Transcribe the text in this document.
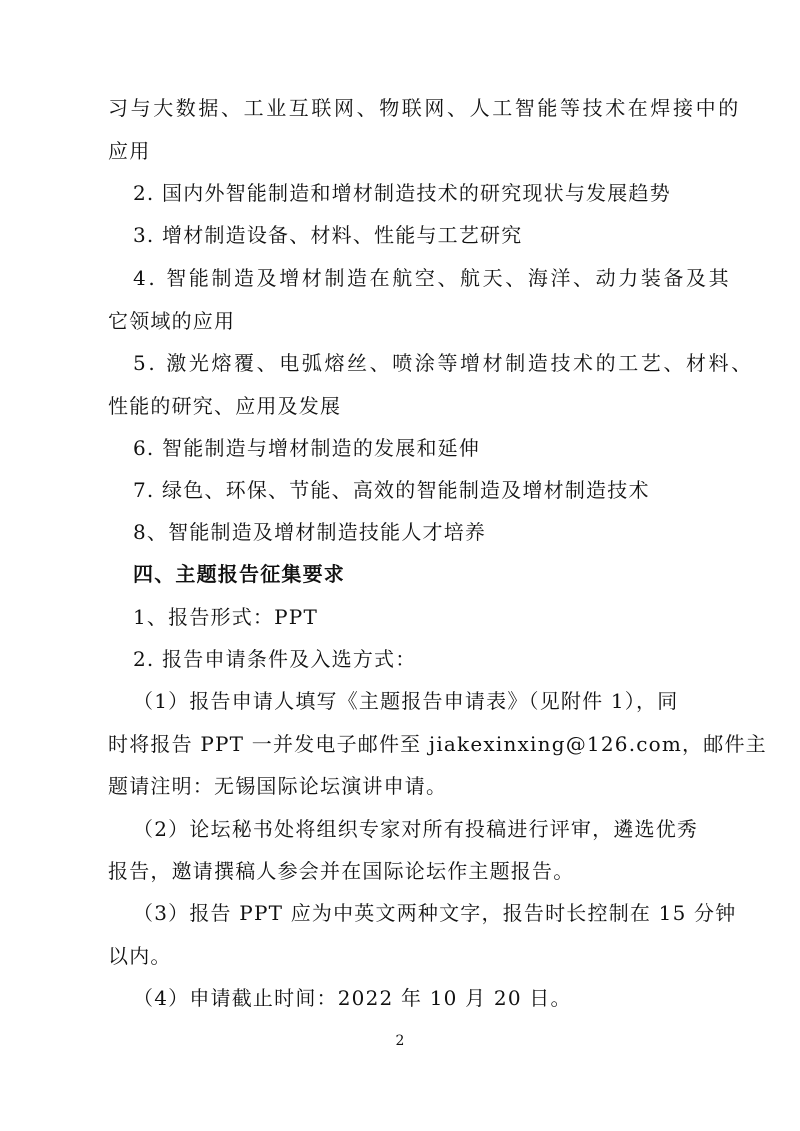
习与大数据、工业互联网、物联网、人工智能等技术在焊接中的
应用
2. 国内外智能制造和增材制造技术的研究现状与发展趋势
3. 增材制造设备、材料、性能与工艺研究
4. 智能制造及增材制造在航空、航天、海洋、动力装备及其
它领域的应用
5. 激光熔覆、电弧熔丝、喷涂等增材制造技术的工艺、材料、
性能的研究、应用及发展
6. 智能制造与增材制造的发展和延伸
7. 绿色、环保、节能、高效的智能制造及增材制造技术
8、智能制造及增材制造技能人才培养
四、主题报告征集要求
1、报告形式：PPT
2. 报告申请条件及入选方式：
（1）报告申请人填写《主题报告申请表》（见附件 1），同
时将报告 PPT 一并发电子邮件至 jiakexinxing@126.com，邮件主
题请注明：无锡国际论坛演讲申请。
（2）论坛秘书处将组织专家对所有投稿进行评审，遴选优秀
报告，邀请撰稿人参会并在国际论坛作主题报告。
（3）报告 PPT 应为中英文两种文字，报告时长控制在 15 分钟
以内。
（4）申请截止时间：2022 年 10 月 20 日。
2
